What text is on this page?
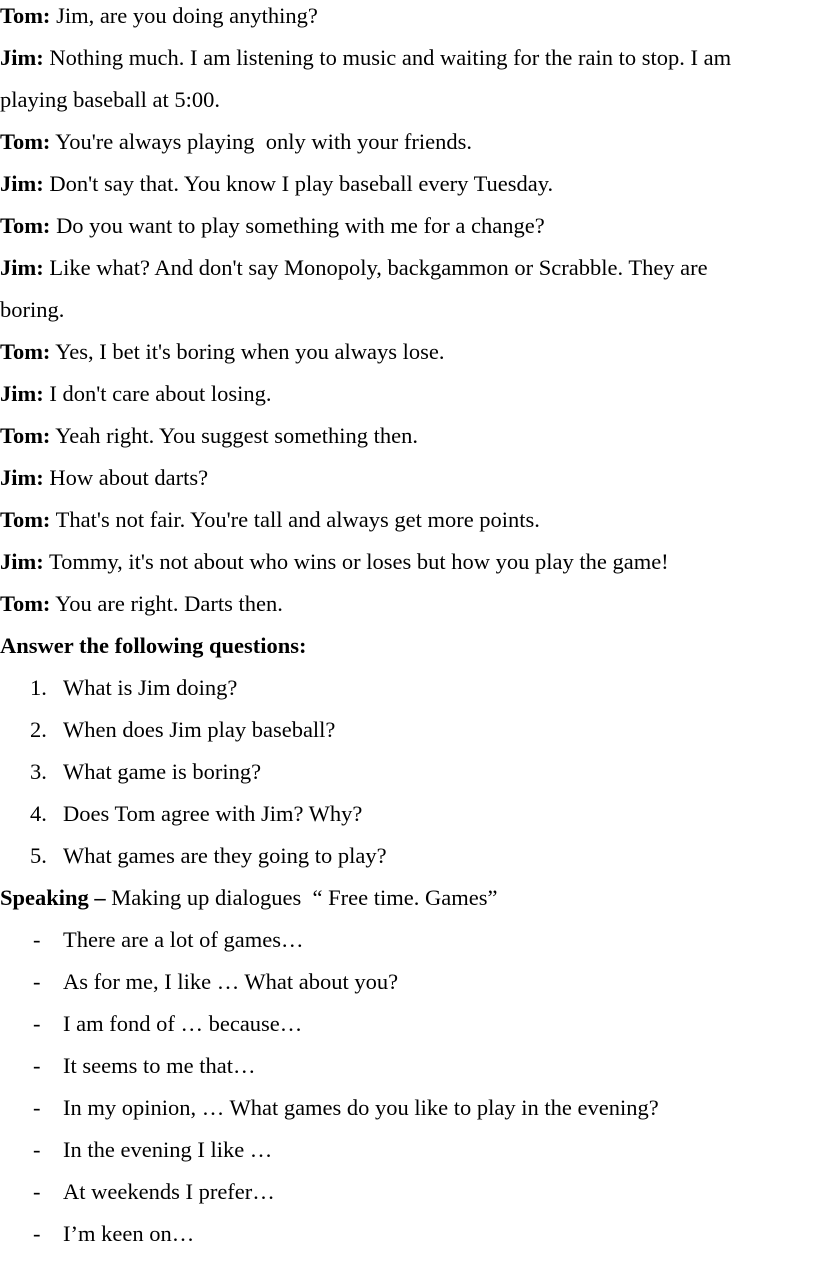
Tom: Jim, are you doing anything?
Jim: Nothing much. I am listening to music and waiting for the rain to stop. I am
playing baseball at 5:00.
Tom: You're always playing  only with your friends.
Jim: Don't say that. You know I play baseball every Tuesday.
Tom: Do you want to play something with me for a change?
Jim: Like what? And don't say Monopoly, backgammon or Scrabble. They are
boring.
Tom: Yes, I bet it's boring when you always lose.
Jim: I don't care about losing.
Tom: Yeah right. You suggest something then.
Jim: How about darts?
Tom: That's not fair. You're tall and always get more points.
Jim: Tommy, it's not about who wins or loses but how you play the game!
Tom: You are right. Darts then.
Answer the following questions:
1. What is Jim doing?
2. When does Jim play baseball?
3. What game is boring?
4. Does Tom agree with Jim? Why?
5. What games are they going to play?
Speaking – Making up dialogues  “ Free time. Games”
- There are a lot of games…
- As for me, I like … What about you?
- I am fond of … because…
- It seems to me that…
- In my opinion, … What games do you like to play in the evening?
- In the evening I like …
- At weekends I prefer…
- I’m keen on…
